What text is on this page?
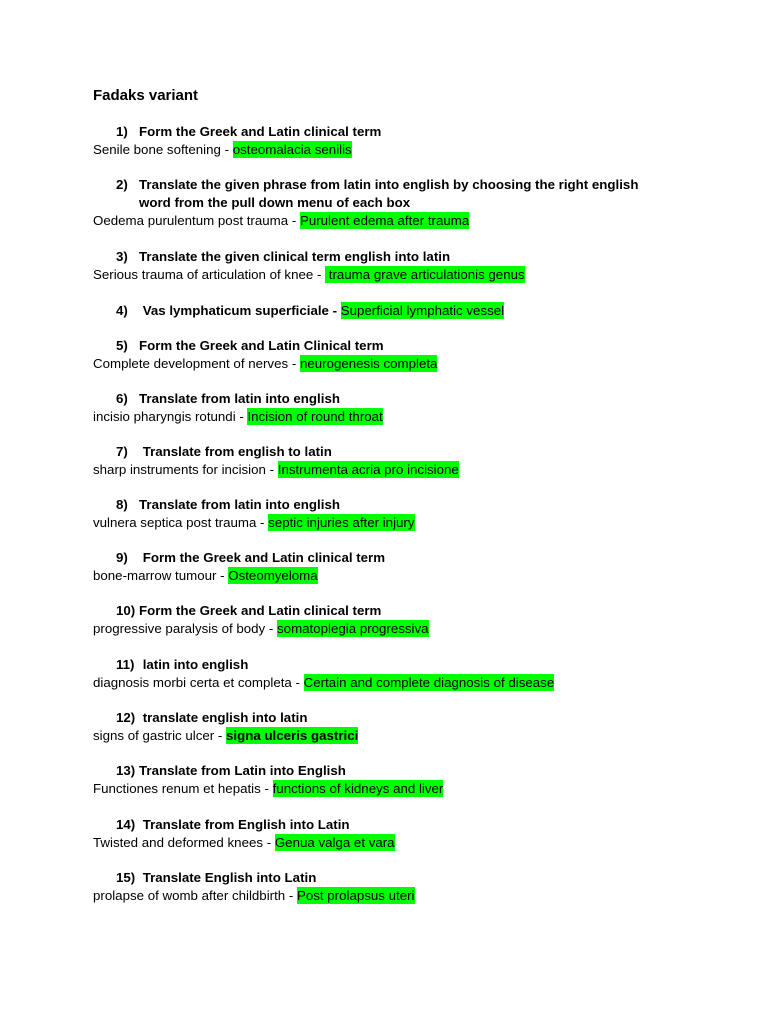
Fadaks variant
1) Form the Greek and Latin clinical term
Senile bone softening - osteomalacia senilis
2) Translate the given phrase from latin into english by choosing the right english
word from the pull down menu of each box
Oedema purulentum post trauma - Purulent edema after trauma
3) Translate the given clinical term english into latin
Serious trauma of articulation of knee -  trauma grave articulationis genus
4) Vas lymphaticum superficiale - Superficial lymphatic vessel
5) Form the Greek and Latin Clinical term
Complete development of nerves - neurogenesis completa
6) Translate from latin into english
incisio pharyngis rotundi - Incision of round throat
7) Translate from english to latin
sharp instruments for incision - Instrumenta acria pro incisione
8) Translate from latin into english
vulnera septica post trauma - septic injuries after injury
9) Form the Greek and Latin clinical term
bone-marrow tumour - Osteomyeloma
10) Form the Greek and Latin clinical term
progressive paralysis of body - somatoplegia progressiva
11) latin into english
diagnosis morbi certa et completa - Certain and complete diagnosis of disease
12) translate english into latin
signs of gastric ulcer - signa ulceris gastrici
13) Translate from Latin into English
Functiones renum et hepatis - functions of kidneys and liver
14) Translate from English into Latin
Twisted and deformed knees - Genua valga et vara
15) Translate English into Latin
prolapse of womb after childbirth - Post prolapsus uteri
